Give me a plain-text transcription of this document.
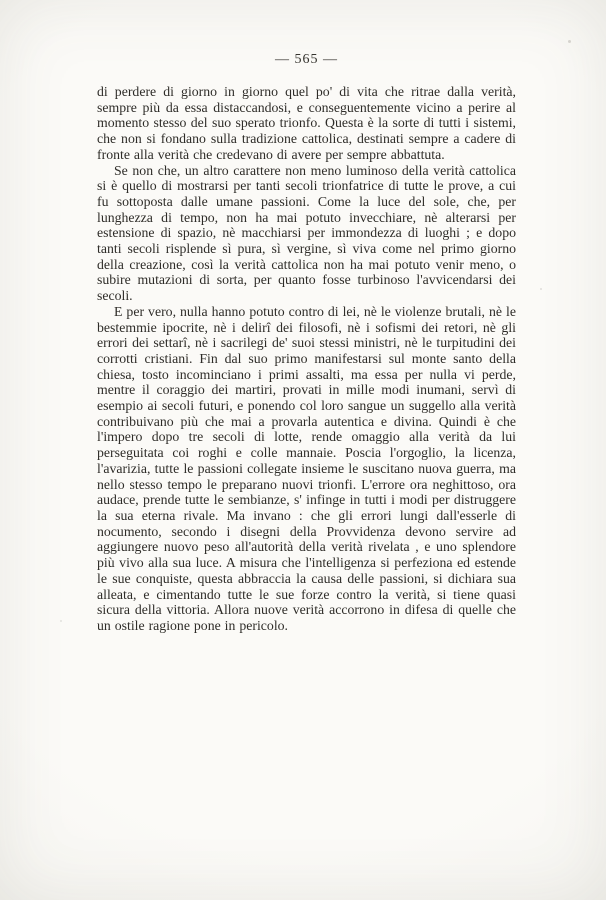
— 565 —

di perdere di giorno in giorno quel po' di vita che ritrae dalla verità, sempre più da essa distaccandosi, e conseguentemente vicino a perire al momento stesso del suo sperato trionfo. Questa è la sorte di tutti i sistemi, che non si fondano sulla tradizione cattolica, destinati sempre a cadere di fronte alla verità che credevano di avere per sempre abbattuta.

Se non che, un altro carattere non meno luminoso della verità cattolica si è quello di mostrarsi per tanti secoli trionfatrice di tutte le prove, a cui fu sottoposta dalle umane passioni. Come la luce del sole, che, per lunghezza di tempo, non ha mai potuto invecchiare, nè alterarsi per estensione di spazio, nè macchiarsi per immondezza di luoghi ; e dopo tanti secoli risplende sì pura, sì vergine, sì viva come nel primo giorno della creazione, così la verità cattolica non ha mai potuto venir meno, o subire mutazioni di sorta, per quanto fosse turbinoso l'avvicendarsi dei secoli.

E per vero, nulla hanno potuto contro di lei, nè le violenze brutali, nè le bestemmie ipocrite, nè i delirî dei filosofi, nè i sofismi dei retori, nè gli errori dei settarî, nè i sacrilegi de' suoi stessi ministri, nè le turpitudini dei corrotti cristiani. Fin dal suo primo manifestarsi sul monte santo della chiesa, tosto incominciano i primi assalti, ma essa per nulla vi perde, mentre il coraggio dei martiri, provati in mille modi inumani, servì di esempio ai secoli futuri, e ponendo col loro sangue un suggello alla verità contribuivano più che mai a provarla autentica e divina. Quindi è che l'impero dopo tre secoli di lotte, rende omaggio alla verità da lui perseguitata coi roghi e colle mannaie. Poscia l'orgoglio, la licenza, l'avarizia, tutte le passioni collegate insieme le suscitano nuova guerra, ma nello stesso tempo le preparano nuovi trionfi. L'errore ora neghittoso, ora audace, prende tutte le sembianze, s' infinge in tutti i modi per distruggere la sua eterna rivale. Ma invano : che gli errori lungi dall'esserle di nocumento, secondo i disegni della Provvidenza devono servire ad aggiungere nuovo peso all'autorità della verità rivelata , e uno splendore più vivo alla sua luce. A misura che l'intelligenza si perfeziona ed estende le sue conquiste, questa abbraccia la causa delle passioni, si dichiara sua alleata, e cimentando tutte le sue forze contro la verità, si tiene quasi sicura della vittoria. Allora nuove verità accorrono in difesa di quelle che un ostile ragione pone in pericolo.
